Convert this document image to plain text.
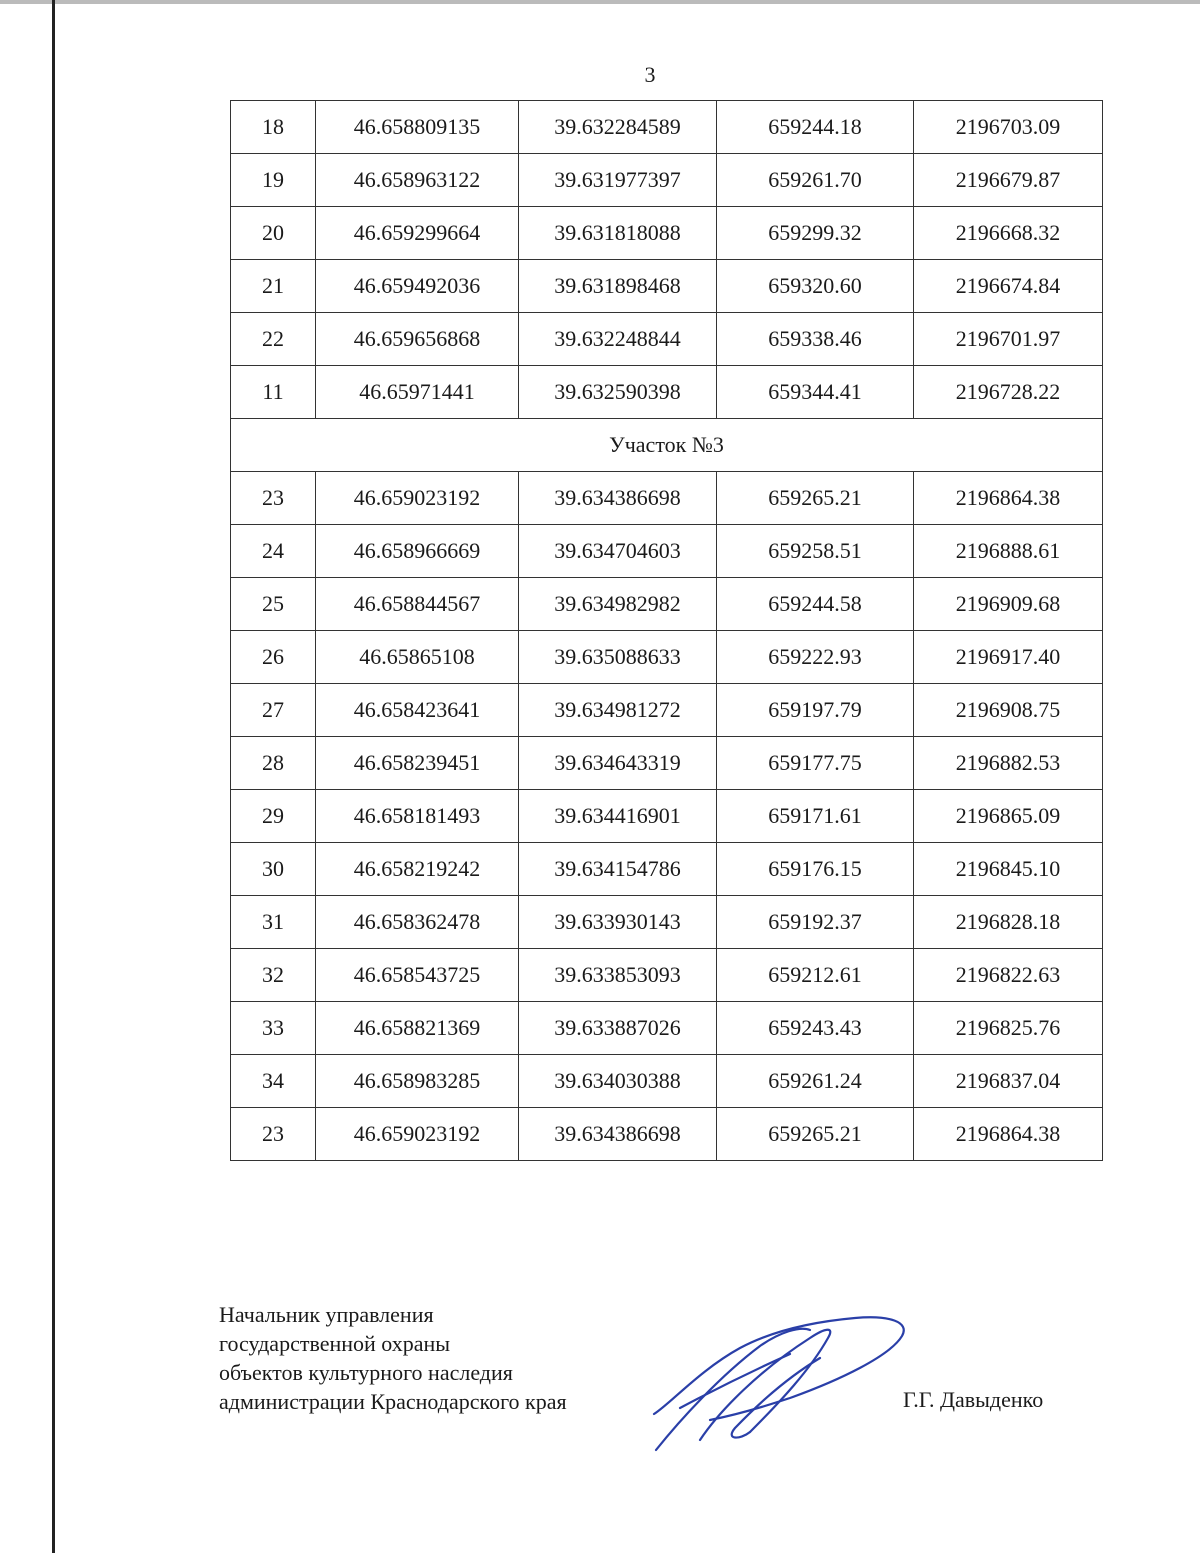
3
18	46.658809135	39.632284589	659244.18	2196703.09
19	46.658963122	39.631977397	659261.70	2196679.87
20	46.659299664	39.631818088	659299.32	2196668.32
21	46.659492036	39.631898468	659320.60	2196674.84
22	46.659656868	39.632248844	659338.46	2196701.97
11	46.65971441	39.632590398	659344.41	2196728.22
Участок №3				
23	46.659023192	39.634386698	659265.21	2196864.38
24	46.658966669	39.634704603	659258.51	2196888.61
25	46.658844567	39.634982982	659244.58	2196909.68
26	46.65865108	39.635088633	659222.93	2196917.40
27	46.658423641	39.634981272	659197.79	2196908.75
28	46.658239451	39.634643319	659177.75	2196882.53
29	46.658181493	39.634416901	659171.61	2196865.09
30	46.658219242	39.634154786	659176.15	2196845.10
31	46.658362478	39.633930143	659192.37	2196828.18
32	46.658543725	39.633853093	659212.61	2196822.63
33	46.658821369	39.633887026	659243.43	2196825.76
34	46.658983285	39.634030388	659261.24	2196837.04
23	46.659023192	39.634386698	659265.21	2196864.38
Начальник управления
государственной охраны
объектов культурного наследия
администрации Краснодарского края	Г.Г. Давыденко
